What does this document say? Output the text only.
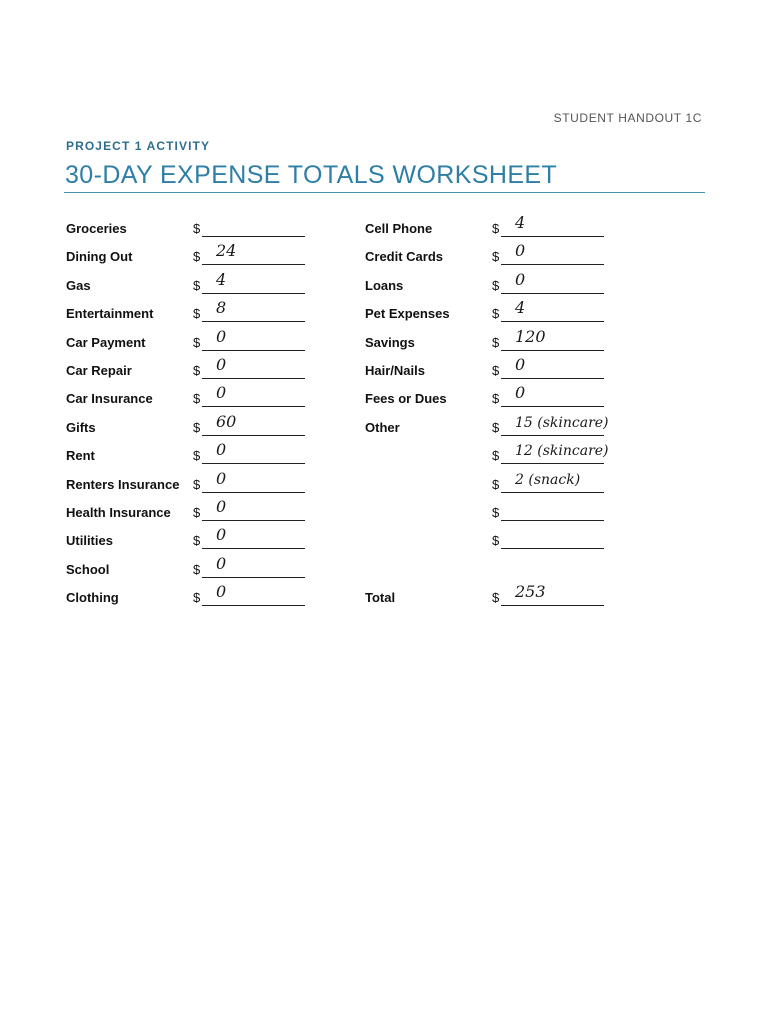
STUDENT HANDOUT 1C
PROJECT 1 ACTIVITY
30-DAY EXPENSE TOTALS WORKSHEET
Groceries	$
Dining Out	$ 24
Gas	$ 4
Entertainment	$ 8
Car Payment	$ 0
Car Repair	$ 0
Car Insurance	$ 0
Gifts	$ 60
Rent	$ 0
Renters Insurance $ 0
Health Insurance $ 0
Utilities	$ 0
School	$ 0
Clothing	$ 0
Cell Phone	$ 4
Credit Cards	$ 0
Loans	$ 0
Pet Expenses	$ 4
Savings	$ 120
Hair/Nails	$ 0
Fees or Dues	$ 0
Other	$ 15 (skincare)
$ 12 (skincare)
$ 2 (snack)
$
$
Total	$ 253
